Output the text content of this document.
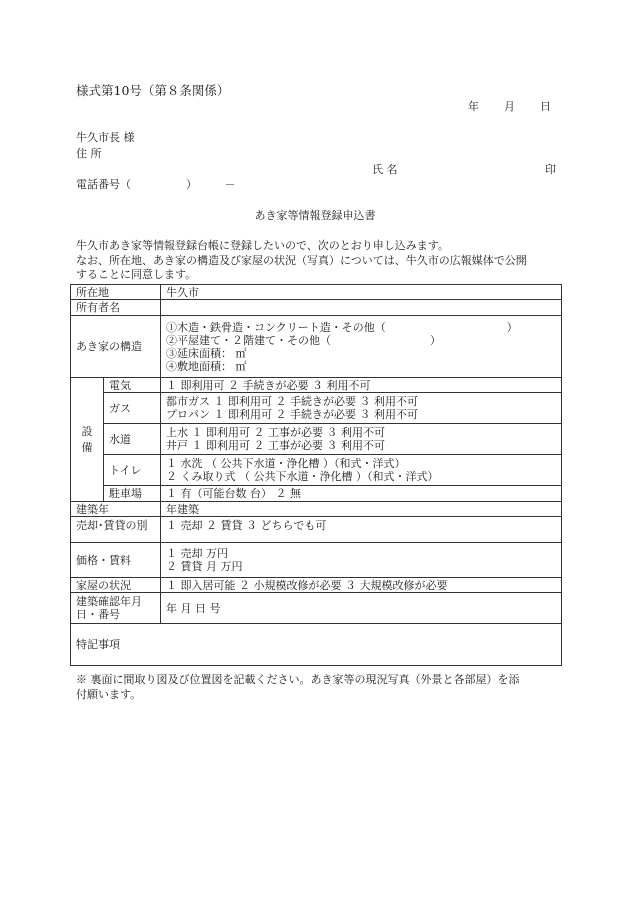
様式第10号（第８条関係）
年 月 日
牛久市長 様
住 所
氏 名	印
電話番号（　　　　　）　　　－
あき家等情報登録申込書
牛久市あき家等情報登録台帳に登録したいので、次のとおり申し込みます。
なお、所在地、あき家の構造及び家屋の状況（写真）については、牛久市の広報媒体で公開
することに同意します。
所在地		牛久市
所有者名		
あき家の構造		①木造・鉄骨造・コンクリート造・その他（　　　　　　　　　　　）
②平屋建て・２階建て・その他（　　　　　　　　　）
③延床面積： ㎡
④敷地面積： ㎡

設
備	電気	１ 即利用可 ２ 手続きが必要 ３ 利用不可
	ガス	都市ガス １ 即利用可 ２ 手続きが必要 ３ 利用不可
プロパン １ 即利用可 ２ 手続きが必要 ３ 利用不可

	水道	上水 １ 即利用可 ２ 工事が必要 ３ 利用不可
井戸 １ 即利用可 ２ 工事が必要 ３ 利用不可

	トイレ	１ 水洗 （ 公共下水道・浄化槽 ）（和式・洋式）
２ くみ取り式 （ 公共下水道・浄化槽 ）（和式・洋式）

	駐車場	１ 有（可能台数 台） ２ 無
建築年		年建築
売却･賃貸の別		１ 売却 ２ 賃貸 ３ どちらでも可
価格・賃料		１ 売却 万円
２ 賃貸 月 万円

家屋の状況		１ 即入居可能 ２ 小規模改修が必要 ３ 大規模改修が必要

建築確認年月
日・番号		年 月 日 号
特記事項		
※ 裏面に間取り図及び位置図を記載ください。あき家等の現況写真（外景と各部屋）を添
付願います。
